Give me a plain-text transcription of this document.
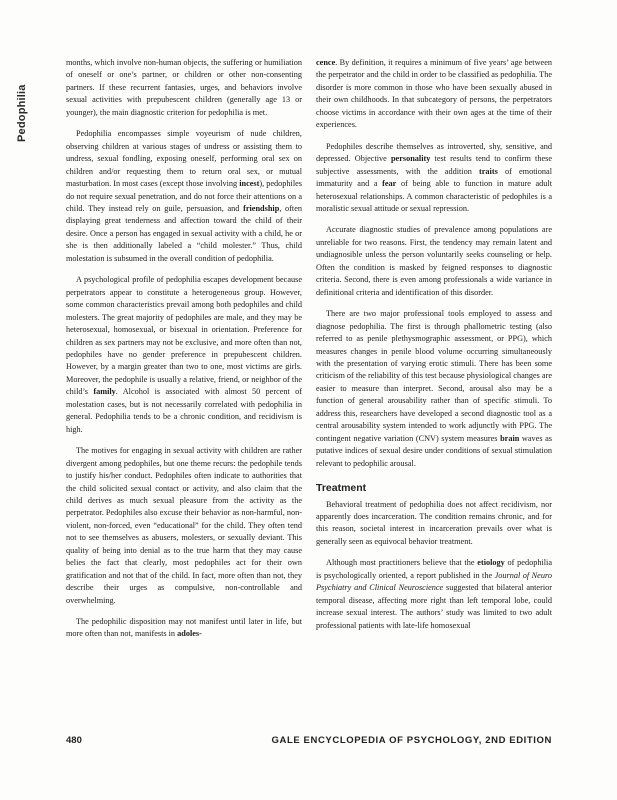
Pedophilia

months, which involve non-human objects, the suffering or humiliation of oneself or one’s partner, or children or other non-consenting partners. If these recurrent fantasies, urges, and behaviors involve sexual activities with prepubescent children (generally age 13 or younger), the main diagnostic criterion for pedophilia is met.

Pedophilia encompasses simple voyeurism of nude children, observing children at various stages of undress or assisting them to undress, sexual fondling, exposing oneself, performing oral sex on children and/or requesting them to return oral sex, or mutual masturbation. In most cases (except those involving incest), pedophiles do not require sexual penetration, and do not force their attentions on a child. They instead rely on guile, persuasion, and friendship, often displaying great tenderness and affection toward the child of their desire. Once a person has engaged in sexual activity with a child, he or she is then additionally labeled a “child molester.” Thus, child molestation is subsumed in the overall condition of pedophilia.

A psychological profile of pedophilia escapes development because perpetrators appear to constitute a heterogeneous group. However, some common characteristics prevail among both pedophiles and child molesters. The great majority of pedophiles are male, and they may be heterosexual, homosexual, or bisexual in orientation. Preference for children as sex partners may not be exclusive, and more often than not, pedophiles have no gender preference in prepubescent children. However, by a margin greater than two to one, most victims are girls. Moreover, the pedophile is usually a relative, friend, or neighbor of the child’s family. Alcohol is associated with almost 50 percent of molestation cases, but is not necessarily correlated with pedophilia in general. Pedophilia tends to be a chronic condition, and recidivism is high.

The motives for engaging in sexual activity with children are rather divergent among pedophiles, but one theme recurs: the pedophile tends to justify his/her conduct. Pedophiles often indicate to authorities that the child solicited sexual contact or activity, and also claim that the child derives as much sexual pleasure from the activity as the perpetrator. Pedophiles also excuse their behavior as non-harmful, non-violent, non-forced, even “educational” for the child. They often tend not to see themselves as abusers, molesters, or sexually deviant. This quality of being into denial as to the true harm that they may cause belies the fact that clearly, most pedophiles act for their own gratification and not that of the child. In fact, more often than not, they describe their urges as compulsive, non-controllable and overwhelming.

The pedophilic disposition may not manifest until later in life, but more often than not, manifests in adoles-

cence. By definition, it requires a minimum of five years’ age between the perpetrator and the child in order to be classified as pedophilia. The disorder is more common in those who have been sexually abused in their own childhoods. In that subcategory of persons, the perpetrators choose victims in accordance with their own ages at the time of their experiences.

Pedophiles describe themselves as introverted, shy, sensitive, and depressed. Objective personality test results tend to confirm these subjective assessments, with the addition traits of emotional immaturity and a fear of being able to function in mature adult heterosexual relationships. A common characteristic of pedophiles is a moralistic sexual attitude or sexual repression.

Accurate diagnostic studies of prevalence among populations are unreliable for two reasons. First, the tendency may remain latent and undiagnosible unless the person voluntarily seeks counseling or help. Often the condition is masked by feigned responses to diagnostic criteria. Second, there is even among professionals a wide variance in definitional criteria and identification of this disorder.

There are two major professional tools employed to assess and diagnose pedophilia. The first is through phallometric testing (also referred to as penile plethysmographic assessment, or PPG), which measures changes in penile blood volume occurring simultaneously with the presentation of varying erotic stimuli. There has been some criticism of the reliability of this test because physiological changes are easier to measure than interpret. Second, arousal also may be a function of general arousability rather than of specific stimuli. To address this, researchers have developed a second diagnostic tool as a central arousability system intended to work adjunctly with PPG. The contingent negative variation (CNV) system measures brain waves as putative indices of sexual desire under conditions of sexual stimulation relevant to pedophilic arousal.

Treatment

Behavioral treatment of pedophilia does not affect recidivism, nor apparently does incarceration. The condition remains chronic, and for this reason, societal interest in incarceration prevails over what is generally seen as equivocal behavior treatment.

Although most practitioners believe that the etiology of pedophilia is psychologically oriented, a report published in the Journal of Neuro Psychiatry and Clinical Neuroscience suggested that bilateral anterior temporal disease, affecting more right than left temporal lobe, could increase sexual interest. The authors’ study was limited to two adult professional patients with late-life homosexual

480	GALE ENCYCLOPEDIA OF PSYCHOLOGY, 2ND EDITION
